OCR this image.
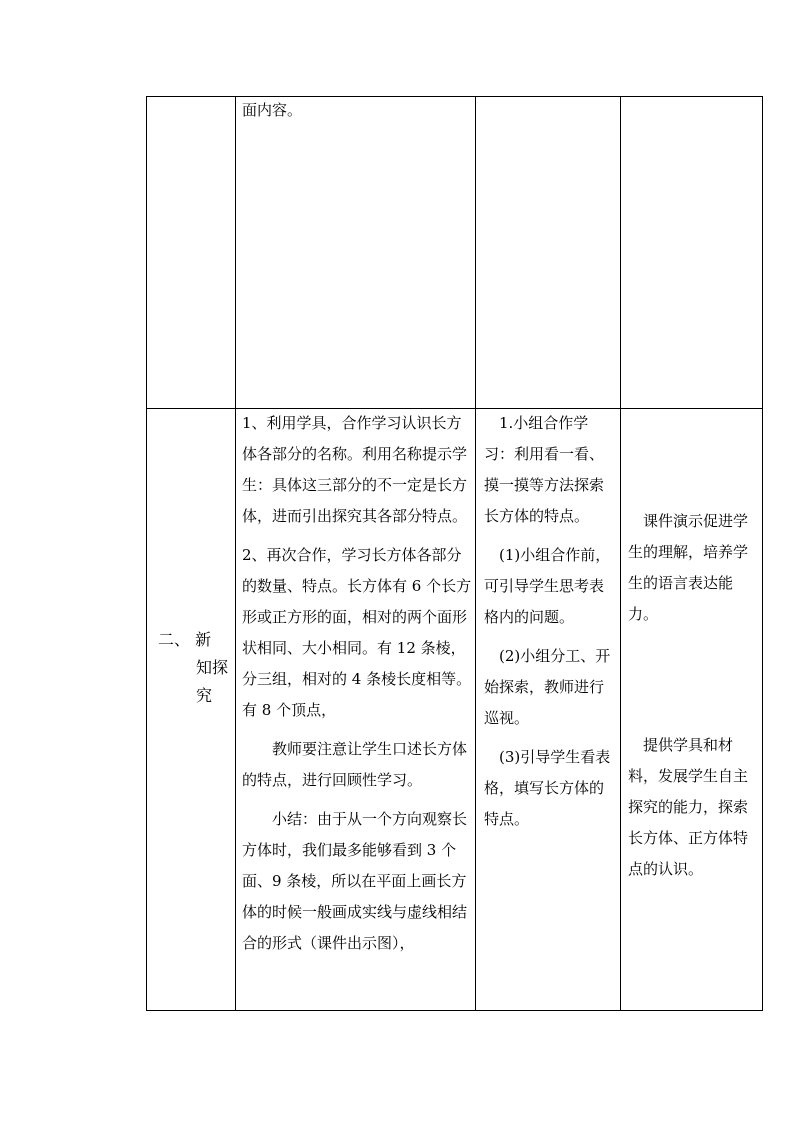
面内容。

二、 新
知探
究

1、利用学具，合作学习认识长方体各部分的名称。利用名称提示学生：具体这三部分的不一定是长方体，进而引出探究其各部分特点。

2、再次合作，学习长方体各部分的数量、特点。长方体有 6 个长方形或正方形的面，相对的两个面形状相同、大小相同。有 12 条棱，分三组，相对的 4 条棱长度相等。有 8 个顶点，

教师要注意让学生口述长方体的特点，进行回顾性学习。

小结：由于从一个方向观察长方体时，我们最多能够看到 3 个面、9 条棱，所以在平面上画长方体的时候一般画成实线与虚线相结合的形式（课件出示图），

1.小组合作学习：利用看一看、摸一摸等方法探索长方体的特点。

(1)小组合作前，可引导学生思考表格内的问题。

(2)小组分工、开始探索，教师进行巡视。

(3)引导学生看表格，填写长方体的特点。

课件演示促进学生的理解，培养学生的语言表达能力。

提供学具和材料，发展学生自主探究的能力，探索长方体、正方体特点的认识。
